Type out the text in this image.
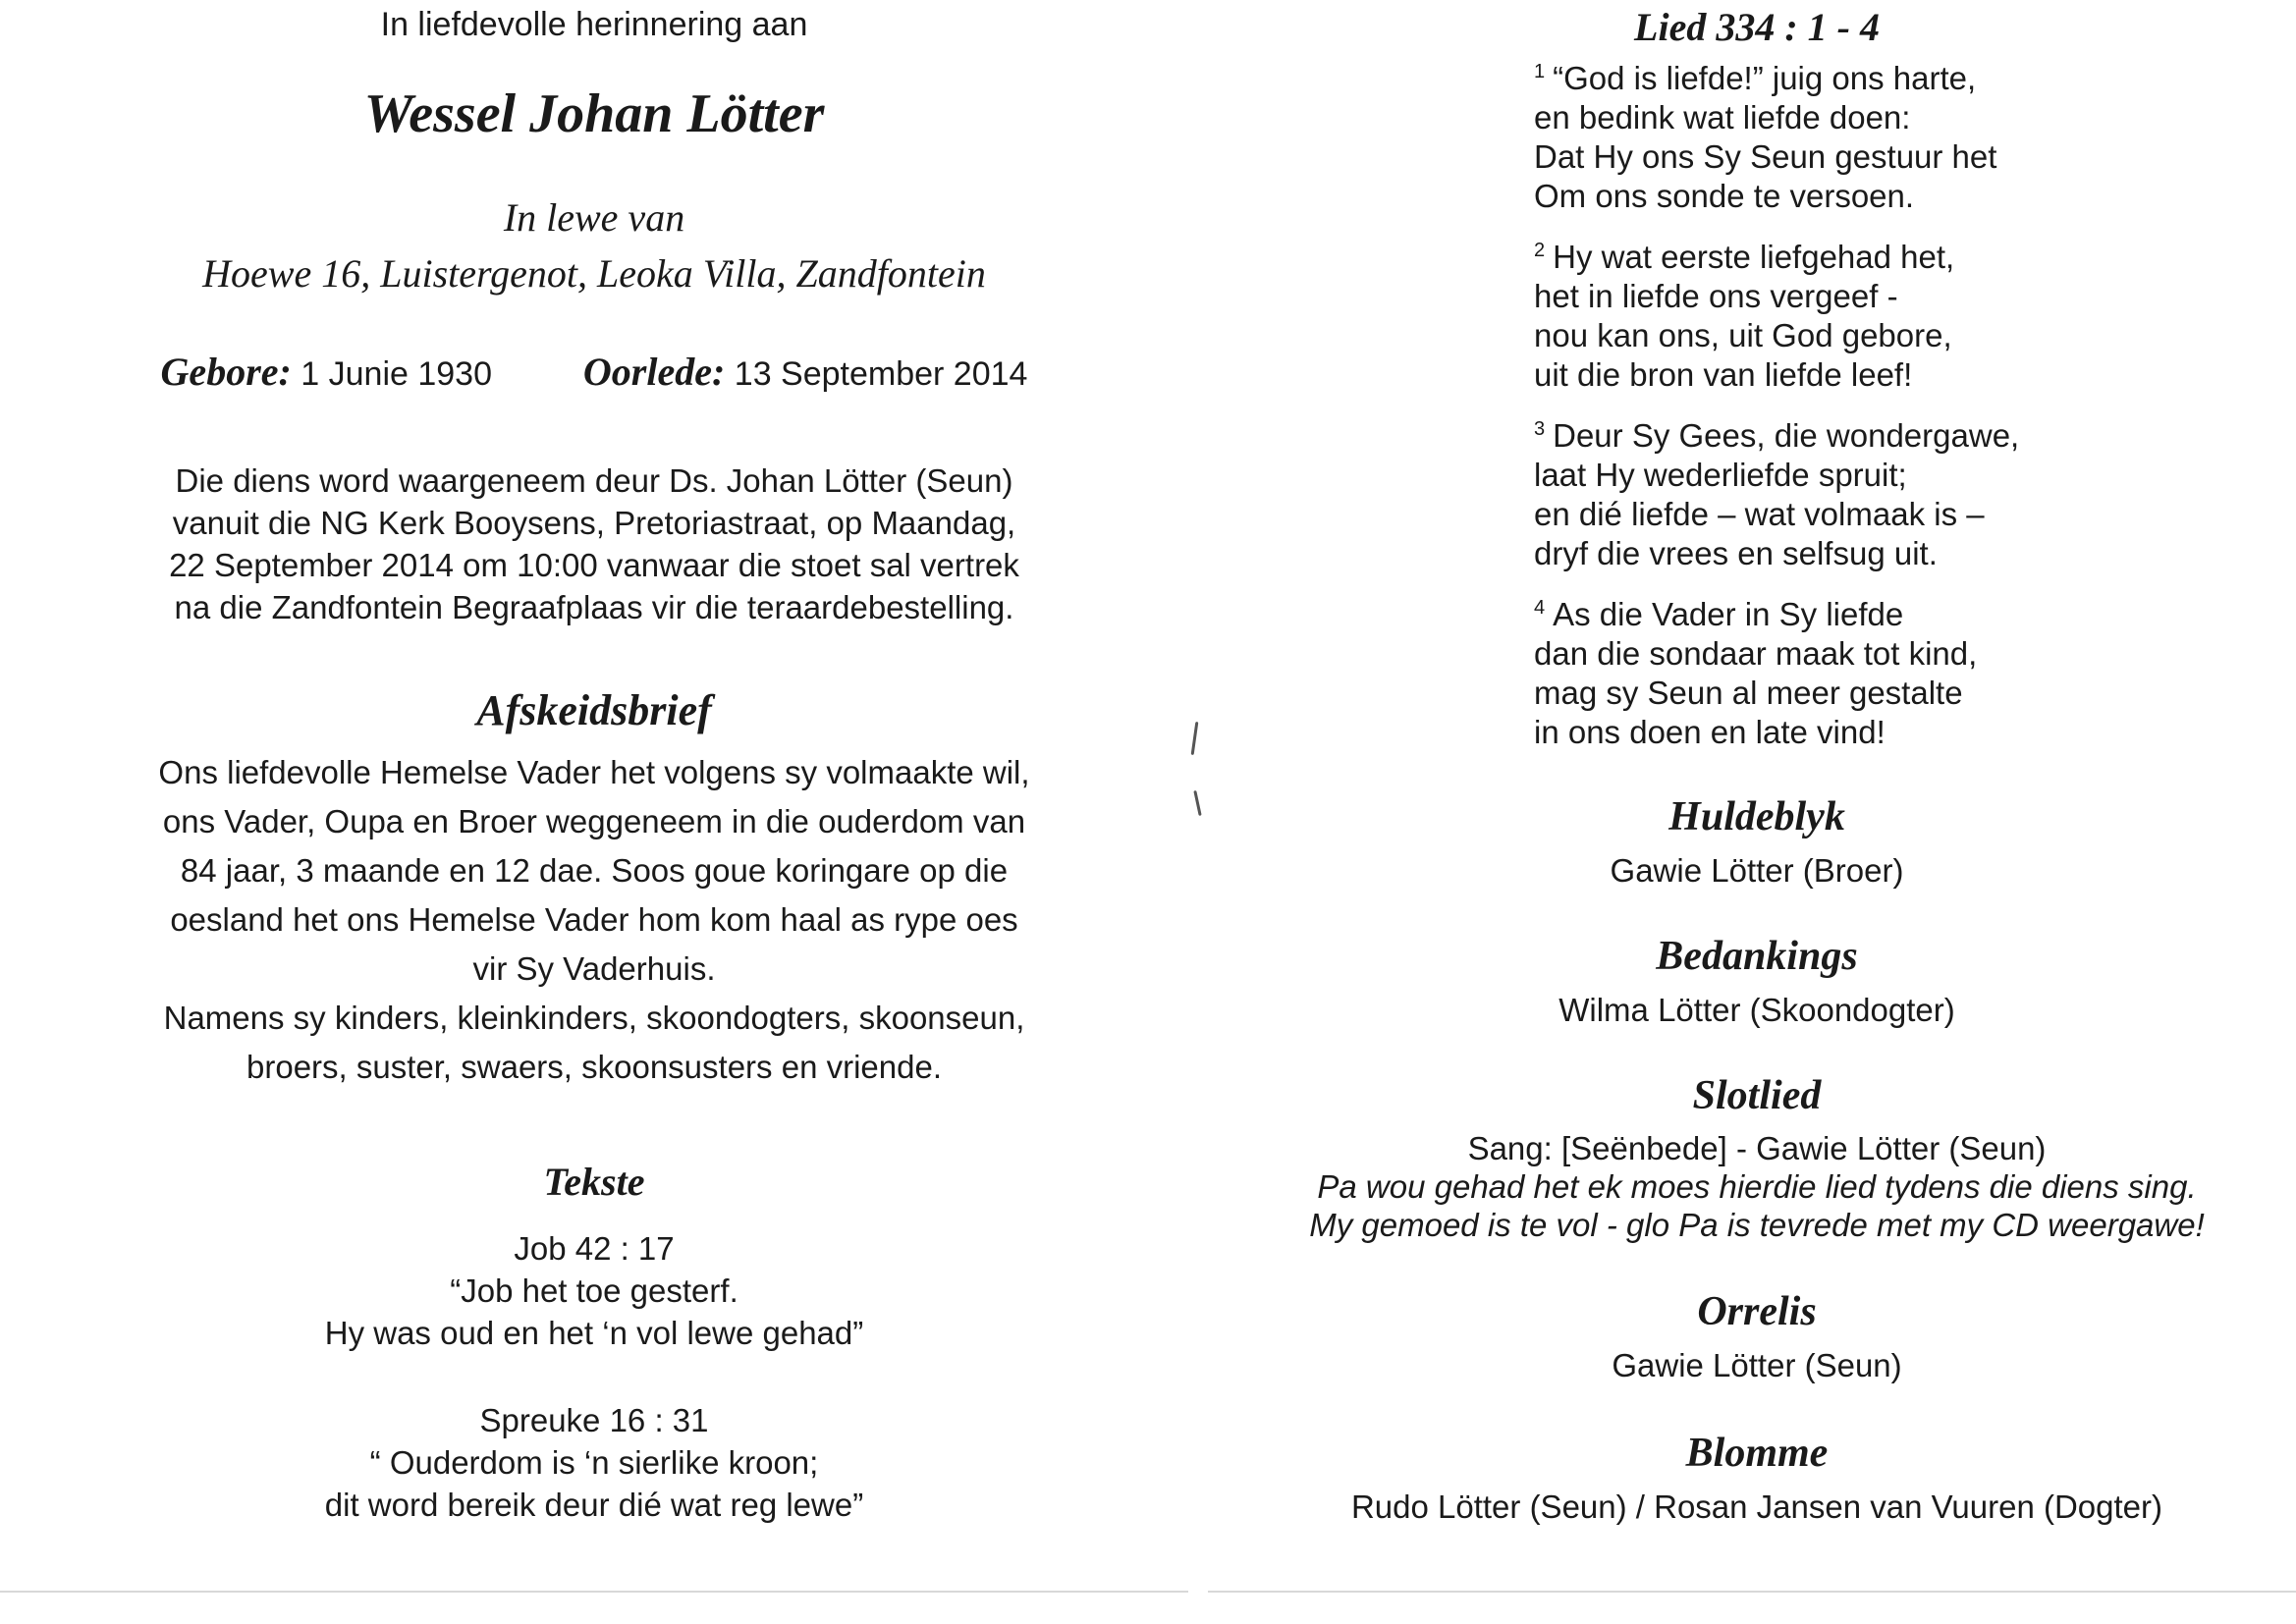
In liefdevolle herinnering aan
Wessel Johan Lötter
In lewe van
Hoewe 16, Luistergenot, Leoka Villa, Zandfontein
Gebore: 1 Junie 1930 Oorlede: 13 September 2014
Die diens word waargeneem deur Ds. Johan Lötter (Seun)
vanuit die NG Kerk Booysens, Pretoriastraat, op Maandag,
22 September 2014 om 10:00 vanwaar die stoet sal vertrek
na die Zandfontein Begraafplaas vir die teraardebestelling.
Afskeidsbrief
Ons liefdevolle Hemelse Vader het volgens sy volmaakte wil,
ons Vader, Oupa en Broer weggeneem in die ouderdom van
84 jaar, 3 maande en 12 dae. Soos goue koringare op die
oesland het ons Hemelse Vader hom kom haal as rype oes
vir Sy Vaderhuis.
Namens sy kinders, kleinkinders, skoondogters, skoonseun,
broers, suster, swaers, skoonsusters en vriende.
Tekste
Job 42 : 17
“Job het toe gesterf.
Hy was oud en het ‘n vol lewe gehad”
Spreuke 16 : 31
“ Ouderdom is ‘n sierlike kroon;
dit word bereik deur dié wat reg lewe”
Lied 334 : 1 - 4
$^1$ “God is liefde!” juig ons harte,
en bedink wat liefde doen:
Dat Hy ons Sy Seun gestuur het
Om ons sonde te versoen.
$^2$ Hy wat eerste liefgehad het,
het in liefde ons vergeef -
nou kan ons, uit God gebore,
uit die bron van liefde leef!
$^3$ Deur Sy Gees, die wondergawe,
laat Hy wederliefde spruit;
en dié liefde – wat volmaak is –
dryf die vrees en selfsug uit.
$^4$ As die Vader in Sy liefde
dan die sondaar maak tot kind,
mag sy Seun al meer gestalte
in ons doen en late vind!
Huldeblyk
Gawie Lötter (Broer)
Bedankings
Wilma Lötter (Skoondogter)
Slotlied
Sang: [Seënbede] - Gawie Lötter (Seun)
Pa wou gehad het ek moes hierdie lied tydens die diens sing.
My gemoed is te vol - glo Pa is tevrede met my CD weergawe!
Orrelis
Gawie Lötter (Seun)
Blomme
Rudo Lötter (Seun) / Rosan Jansen van Vuuren (Dogter)
